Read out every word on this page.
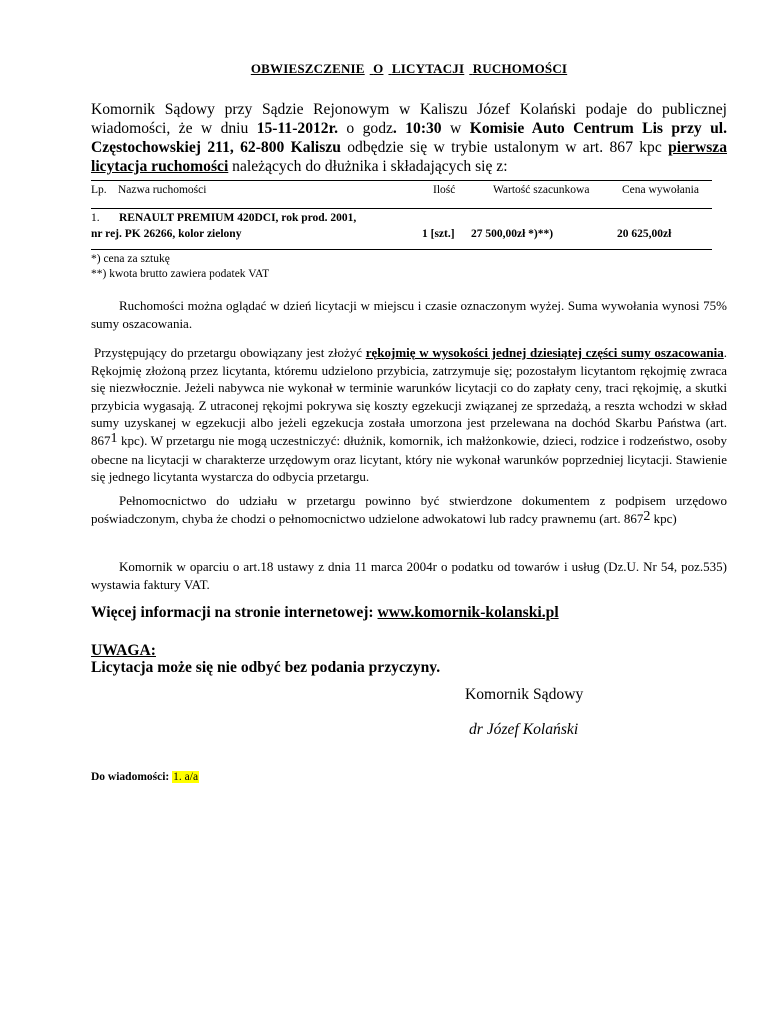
OBWIESZCZENIE O LICYTACJI RUCHOMOŚCI
Komornik Sądowy przy Sądzie Rejonowym w Kaliszu Józef Kolański podaje do publicznej wiadomości, że w dniu 15-11-2012r. o godz. 10:30 w Komisie Auto Centrum Lis przy ul. Częstochowskiej 211, 62-800 Kaliszu odbędzie się w trybie ustalonym w art. 867 kpc pierwsza licytacja ruchomości należących do dłużnika i składających się z:
Lp. Nazwa ruchomości	Ilość	Wartość szacunkowa	Cena wywołania
1. RENAULT PREMIUM 420DCI, rok prod. 2001,
nr rej. PK 26266, kolor zielony	1 [szt.] 27 500,00zł *)**)	20 625,00zł
*) cena za sztukę
**) kwota brutto zawiera podatek VAT
Ruchomości można oglądać w dzień licytacji w miejscu i czasie oznaczonym wyżej. Suma wywołania wynosi 75% sumy oszacowania.
Przystępujący do przetargu obowiązany jest złożyć rękojmię w wysokości jednej dziesiątej części sumy oszacowania. Rękojmię złożoną przez licytanta, któremu udzielono przybicia, zatrzymuje się; pozostałym licytantom rękojmię zwraca się niezwłocznie. Jeżeli nabywca nie wykonał w terminie warunków licytacji co do zapłaty ceny, traci rękojmię, a skutki przybicia wygasają. Z utraconej rękojmi pokrywa się koszty egzekucji związanej ze sprzedażą, a reszta wchodzi w skład sumy uzyskanej w egzekucji albo jeżeli egzekucja została umorzona jest przelewana na dochód Skarbu Państwa (art. $867^1$ kpc). W przetargu nie mogą uczestniczyć: dłużnik, komornik, ich małżonkowie, dzieci, rodzice i rodzeństwo, osoby obecne na licytacji w charakterze urzędowym oraz licytant, który nie wykonał warunków poprzedniej licytacji. Stawienie się jednego licytanta wystarcza do odbycia przetargu.
Pełnomocnictwo do udziału w przetargu powinno być stwierdzone dokumentem z podpisem urzędowo poświadczonym, chyba że chodzi o pełnomocnictwo udzielone adwokatowi lub radcy prawnemu (art. $867^2$ kpc)
Komornik w oparciu o art.18 ustawy z dnia 11 marca 2004r o podatku od towarów i usług (Dz.U. Nr 54, poz.535) wystawia faktury VAT.
Więcej informacji na stronie internetowej: www.komornik-kolanski.pl
UWAGA:
Licytacja może się nie odbyć bez podania przyczyny.
Komornik Sądowy
dr Józef Kolański
Do wiadomości: 1. a/a
